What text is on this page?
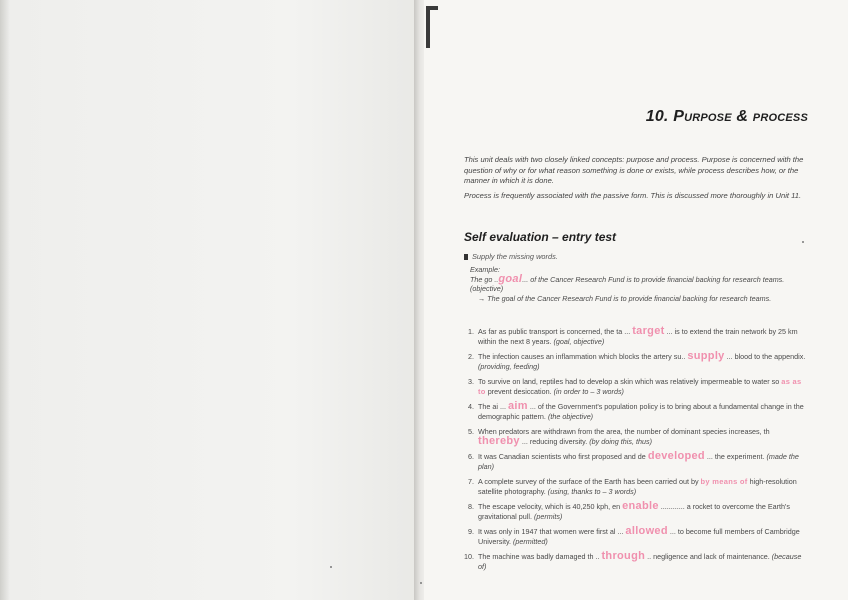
10. Purpose & process

This unit deals with two closely linked concepts: purpose and process. Purpose is concerned with the question of why or for what reason something is done or exists, while process describes how, or the manner in which it is done.

Process is frequently associated with the passive form. This is discussed more thoroughly in Unit 11.

Self evaluation – entry test
Supply the missing words.
Example:
The go ..goal... of the Cancer Research Fund is to provide financial backing for research teams. (objective)
→ The goal of the Cancer Research Fund is to provide financial backing for research teams.
1. As far as public transport is concerned, the ta ... target ... is to extend the train network by 25 km within the next 8 years. (goal, objective)
2. The infection causes an inflammation which blocks the artery su.. supply ... blood to the appendix. (providing, feeding)
3. To survive on land, reptiles had to develop a skin which was relatively impermeable to water so as as to prevent desiccation. (in order to – 3 words)
4. The ai ... aim ... of the Government's population policy is to bring about a fundamental change in the demographic pattern. (the objective)
5. When predators are withdrawn from the area, the number of dominant species increases, th thereby ... reducing diversity. (by doing this, thus)
6. It was Canadian scientists who first proposed and de developed ... the experiment. (made the plan)
7. A complete survey of the surface of the Earth has been carried out by by means of high-resolution satellite photography. (using, thanks to – 3 words)
8. The escape velocity, which is 40,250 kph, en enable ............ a rocket to overcome the Earth's gravitational pull. (permits)
9. It was only in 1947 that women were first al ... allowed ... to become full members of Cambridge University. (permitted)
10. The machine was badly damaged th .. through .. negligence and lack of maintenance. (because of)
